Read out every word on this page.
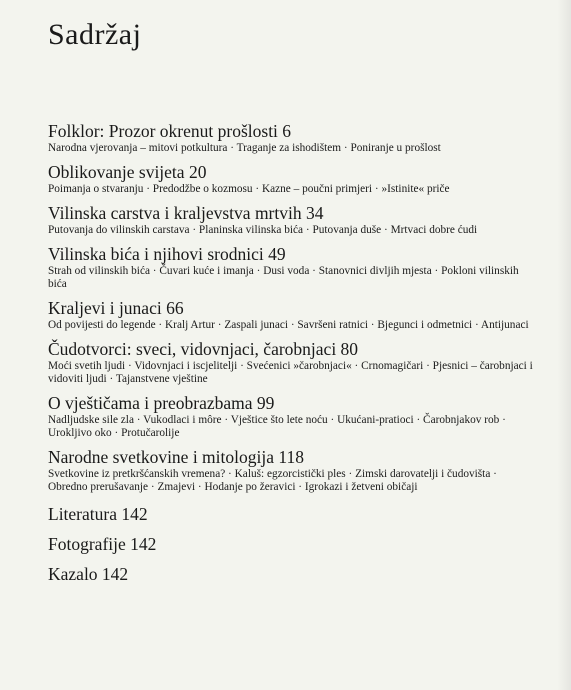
Sadržaj
Folklor: Prozor okrenut prošlosti 6
Narodna vjerovanja – mitovi potkultura · Traganje za ishodištem · Poniranje u prošlost
Oblikovanje svijeta 20
Poimanja o stvaranju · Predodžbe o kozmosu · Kazne – poučni primjeri · »Istinite« priče
Vilinska carstva i kraljevstva mrtvih 34
Putovanja do vilinskih carstava · Planinska vilinska bića · Putovanja duše · Mrtvaci dobre ćudi
Vilinska bića i njihovi srodnici 49
Strah od vilinskih bića · Čuvari kuće i imanja · Dusi voda · Stanovnici divljih mjesta · Pokloni vilinskih bića
Kraljevi i junaci 66
Od povijesti do legende · Kralj Artur · Zaspali junaci · Savršeni ratnici · Bjegunci i odmetnici · Antijunaci
Čudotvorci: sveci, vidovnjaci, čarobnjaci 80
Moći svetih ljudi · Vidovnjaci i iscjelitelji · Svećenici »čarobnjaci« · Crnomagičari · Pjesnici – čarobnjaci i vidoviti ljudi · Tajanstvene vještine
O vještičama i preobrazbama 99
Nadljudske sile zla · Vukodlaci i môre · Vještice što lete noću · Ukućani-pratioci · Čarobnjakov rob · Urokljivo oko · Protučarolije
Narodne svetkovine i mitologija 118
Svetkovine iz pretkršćanskih vremena? · Kaluš: egzorcistički ples · Zimski darovatelji i čudovišta · Obredno prerušavanje · Zmajevi · Hodanje po žeravici · Igrokazi i žetveni običaji
Literatura 142
Fotografije 142
Kazalo 142
